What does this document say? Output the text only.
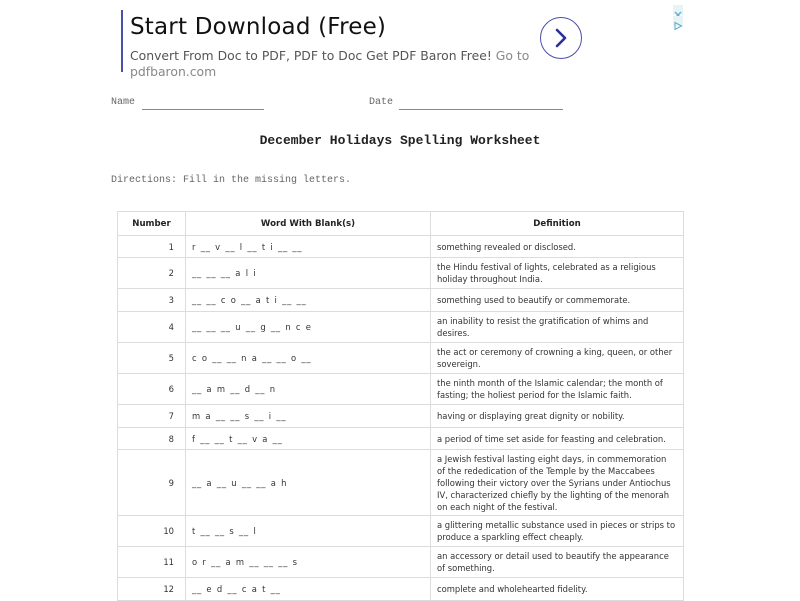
Start Download (Free)
Convert From Doc to PDF, PDF to Doc Get PDF Baron Free! Go to pdfbaron.com
Name	Date
December Holidays Spelling Worksheet
Directions: Fill in the missing letters.
Number	Word With Blank(s)	Definition
1	r __ v __ l __ t i __ __	something revealed or disclosed.
2	__ __ __ a l i	the Hindu festival of lights, celebrated as a religious holiday throughout India.
3	__ __ c o __ a t i __ __	something used to beautify or commemorate.
4	__ __ __ u __ g __ n c e	an inability to resist the gratification of whims and desires.
5	c o __ __ n a __ __ o __	the act or ceremony of crowning a king, queen, or other sovereign.
6	__ a m __ d __ n	the ninth month of the Islamic calendar; the month of fasting; the holiest period for the Islamic faith.
7	m a __ __ s __ i __	having or displaying great dignity or nobility.
8	f __ __ t __ v a __	a period of time set aside for feasting and celebration.
9	__ a __ u __ __ a h	a Jewish festival lasting eight days, in commemoration of the rededication of the Temple by the Maccabees following their victory over the Syrians under Antiochus IV, characterized chiefly by the lighting of the menorah on each night of the festival.
10	t __ __ s __ l	a glittering metallic substance used in pieces or strips to produce a sparkling effect cheaply.
11	o r __ a m __ __ __ s	an accessory or detail used to beautify the appearance of something.
12	__ e d __ c a t __	complete and wholehearted fidelity.
